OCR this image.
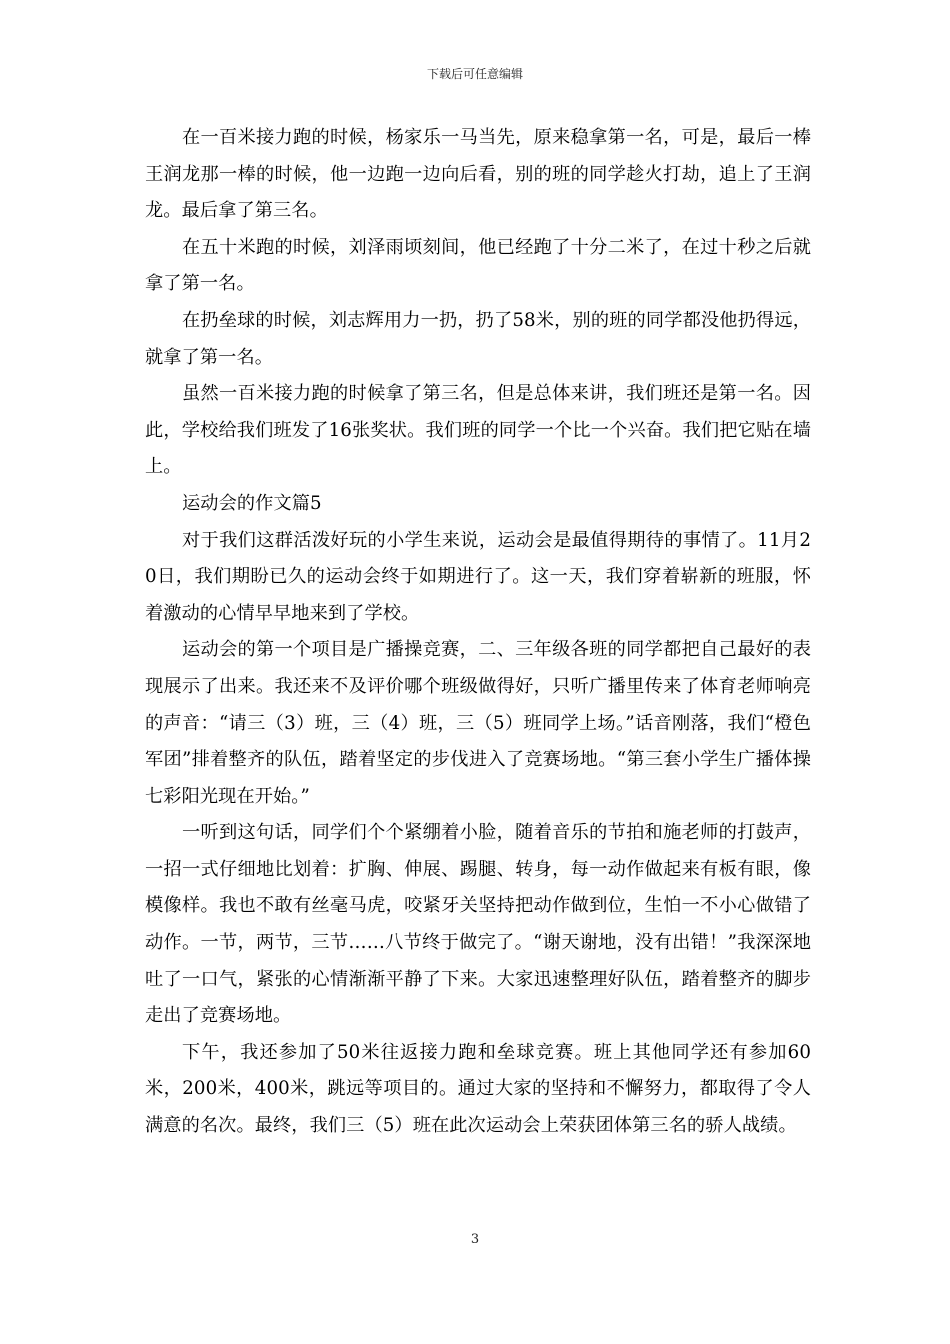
下载后可任意编辑

在一百米接力跑的时候，杨家乐一马当先，原来稳拿第一名，可是，最后一棒王润龙那一棒的时候，他一边跑一边向后看，别的班的同学趁火打劫，追上了王润龙。最后拿了第三名。

在五十米跑的时候，刘泽雨顷刻间，他已经跑了十分二米了，在过十秒之后就拿了第一名。

在扔垒球的时候，刘志辉用力一扔，扔了58米，别的班的同学都没他扔得远，就拿了第一名。

虽然一百米接力跑的时候拿了第三名，但是总体来讲，我们班还是第一名。因此，学校给我们班发了16张奖状。我们班的同学一个比一个兴奋。我们把它贴在墙上。

运动会的作文篇5

对于我们这群活泼好玩的小学生来说，运动会是最值得期待的事情了。11月20日，我们期盼已久的运动会终于如期进行了。这一天，我们穿着崭新的班服，怀着激动的心情早早地来到了学校。

运动会的第一个项目是广播操竞赛，二、三年级各班的同学都把自己最好的表现展示了出来。我还来不及评价哪个班级做得好，只听广播里传来了体育老师响亮的声音：“请三（3）班，三（4）班，三（5）班同学上场。”话音刚落，我们“橙色军团”排着整齐的队伍，踏着坚定的步伐进入了竞赛场地。“第三套小学生广播体操七彩阳光现在开始。”

一听到这句话，同学们个个紧绷着小脸，随着音乐的节拍和施老师的打鼓声，一招一式仔细地比划着：扩胸、伸展、踢腿、转身，每一动作做起来有板有眼，像模像样。我也不敢有丝毫马虎，咬紧牙关坚持把动作做到位，生怕一不小心做错了动作。一节，两节，三节……八节终于做完了。“谢天谢地，没有出错！”我深深地吐了一口气，紧张的心情渐渐平静了下来。大家迅速整理好队伍，踏着整齐的脚步走出了竞赛场地。

下午，我还参加了50米往返接力跑和垒球竞赛。班上其他同学还有参加60米，200米，400米，跳远等项目的。通过大家的坚持和不懈努力，都取得了令人满意的名次。最终，我们三（5）班在此次运动会上荣获团体第三名的骄人战绩。

3
